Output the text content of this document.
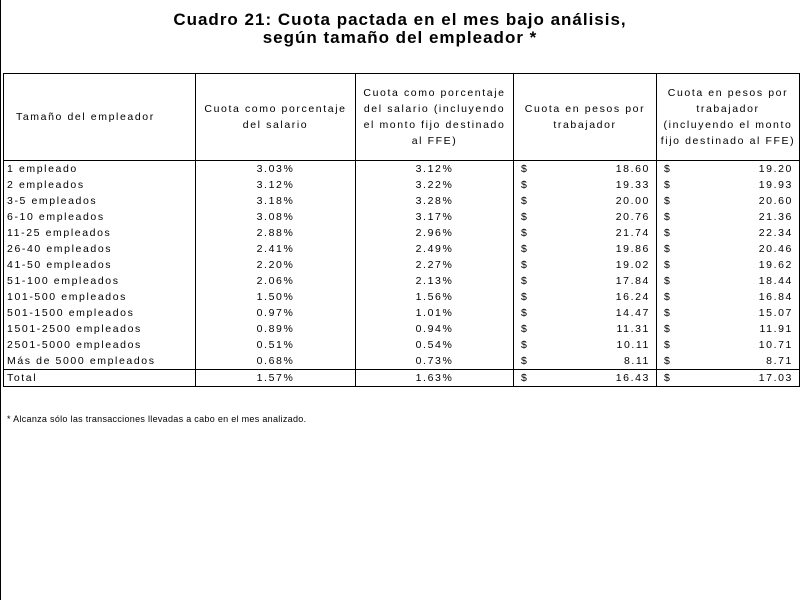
Cuadro 21: Cuota pactada en el mes bajo análisis,
según tamaño del empleador *
Tamaño del empleador	Cuota como porcentaje del salario	Cuota como porcentaje del salario (incluyendo el monto fijo destinado al FFE)	Cuota en pesos por trabajador	Cuota en pesos por trabajador (incluyendo el monto fijo destinado al FFE)
1 empleado	3.03%	3.12%	$ 18.60	$ 19.20
2 empleados	3.12%	3.22%	$ 19.33	$ 19.93
3-5 empleados	3.18%	3.28%	$ 20.00	$ 20.60
6-10 empleados	3.08%	3.17%	$ 20.76	$ 21.36
11-25 empleados	2.88%	2.96%	$ 21.74	$ 22.34
26-40 empleados	2.41%	2.49%	$ 19.86	$ 20.46
41-50 empleados	2.20%	2.27%	$ 19.02	$ 19.62
51-100 empleados	2.06%	2.13%	$ 17.84	$ 18.44
101-500 empleados	1.50%	1.56%	$ 16.24	$ 16.84
501-1500 empleados	0.97%	1.01%	$ 14.47	$ 15.07
1501-2500 empleados	0.89%	0.94%	$ 11.31	$ 11.91
2501-5000 empleados	0.51%	0.54%	$ 10.11	$ 10.71
Más de 5000 empleados	0.68%	0.73%	$ 8.11	$ 8.71
Total	1.57%	1.63%	$ 16.43	$ 17.03
* Alcanza sólo las transacciones llevadas a cabo en el mes analizado.
